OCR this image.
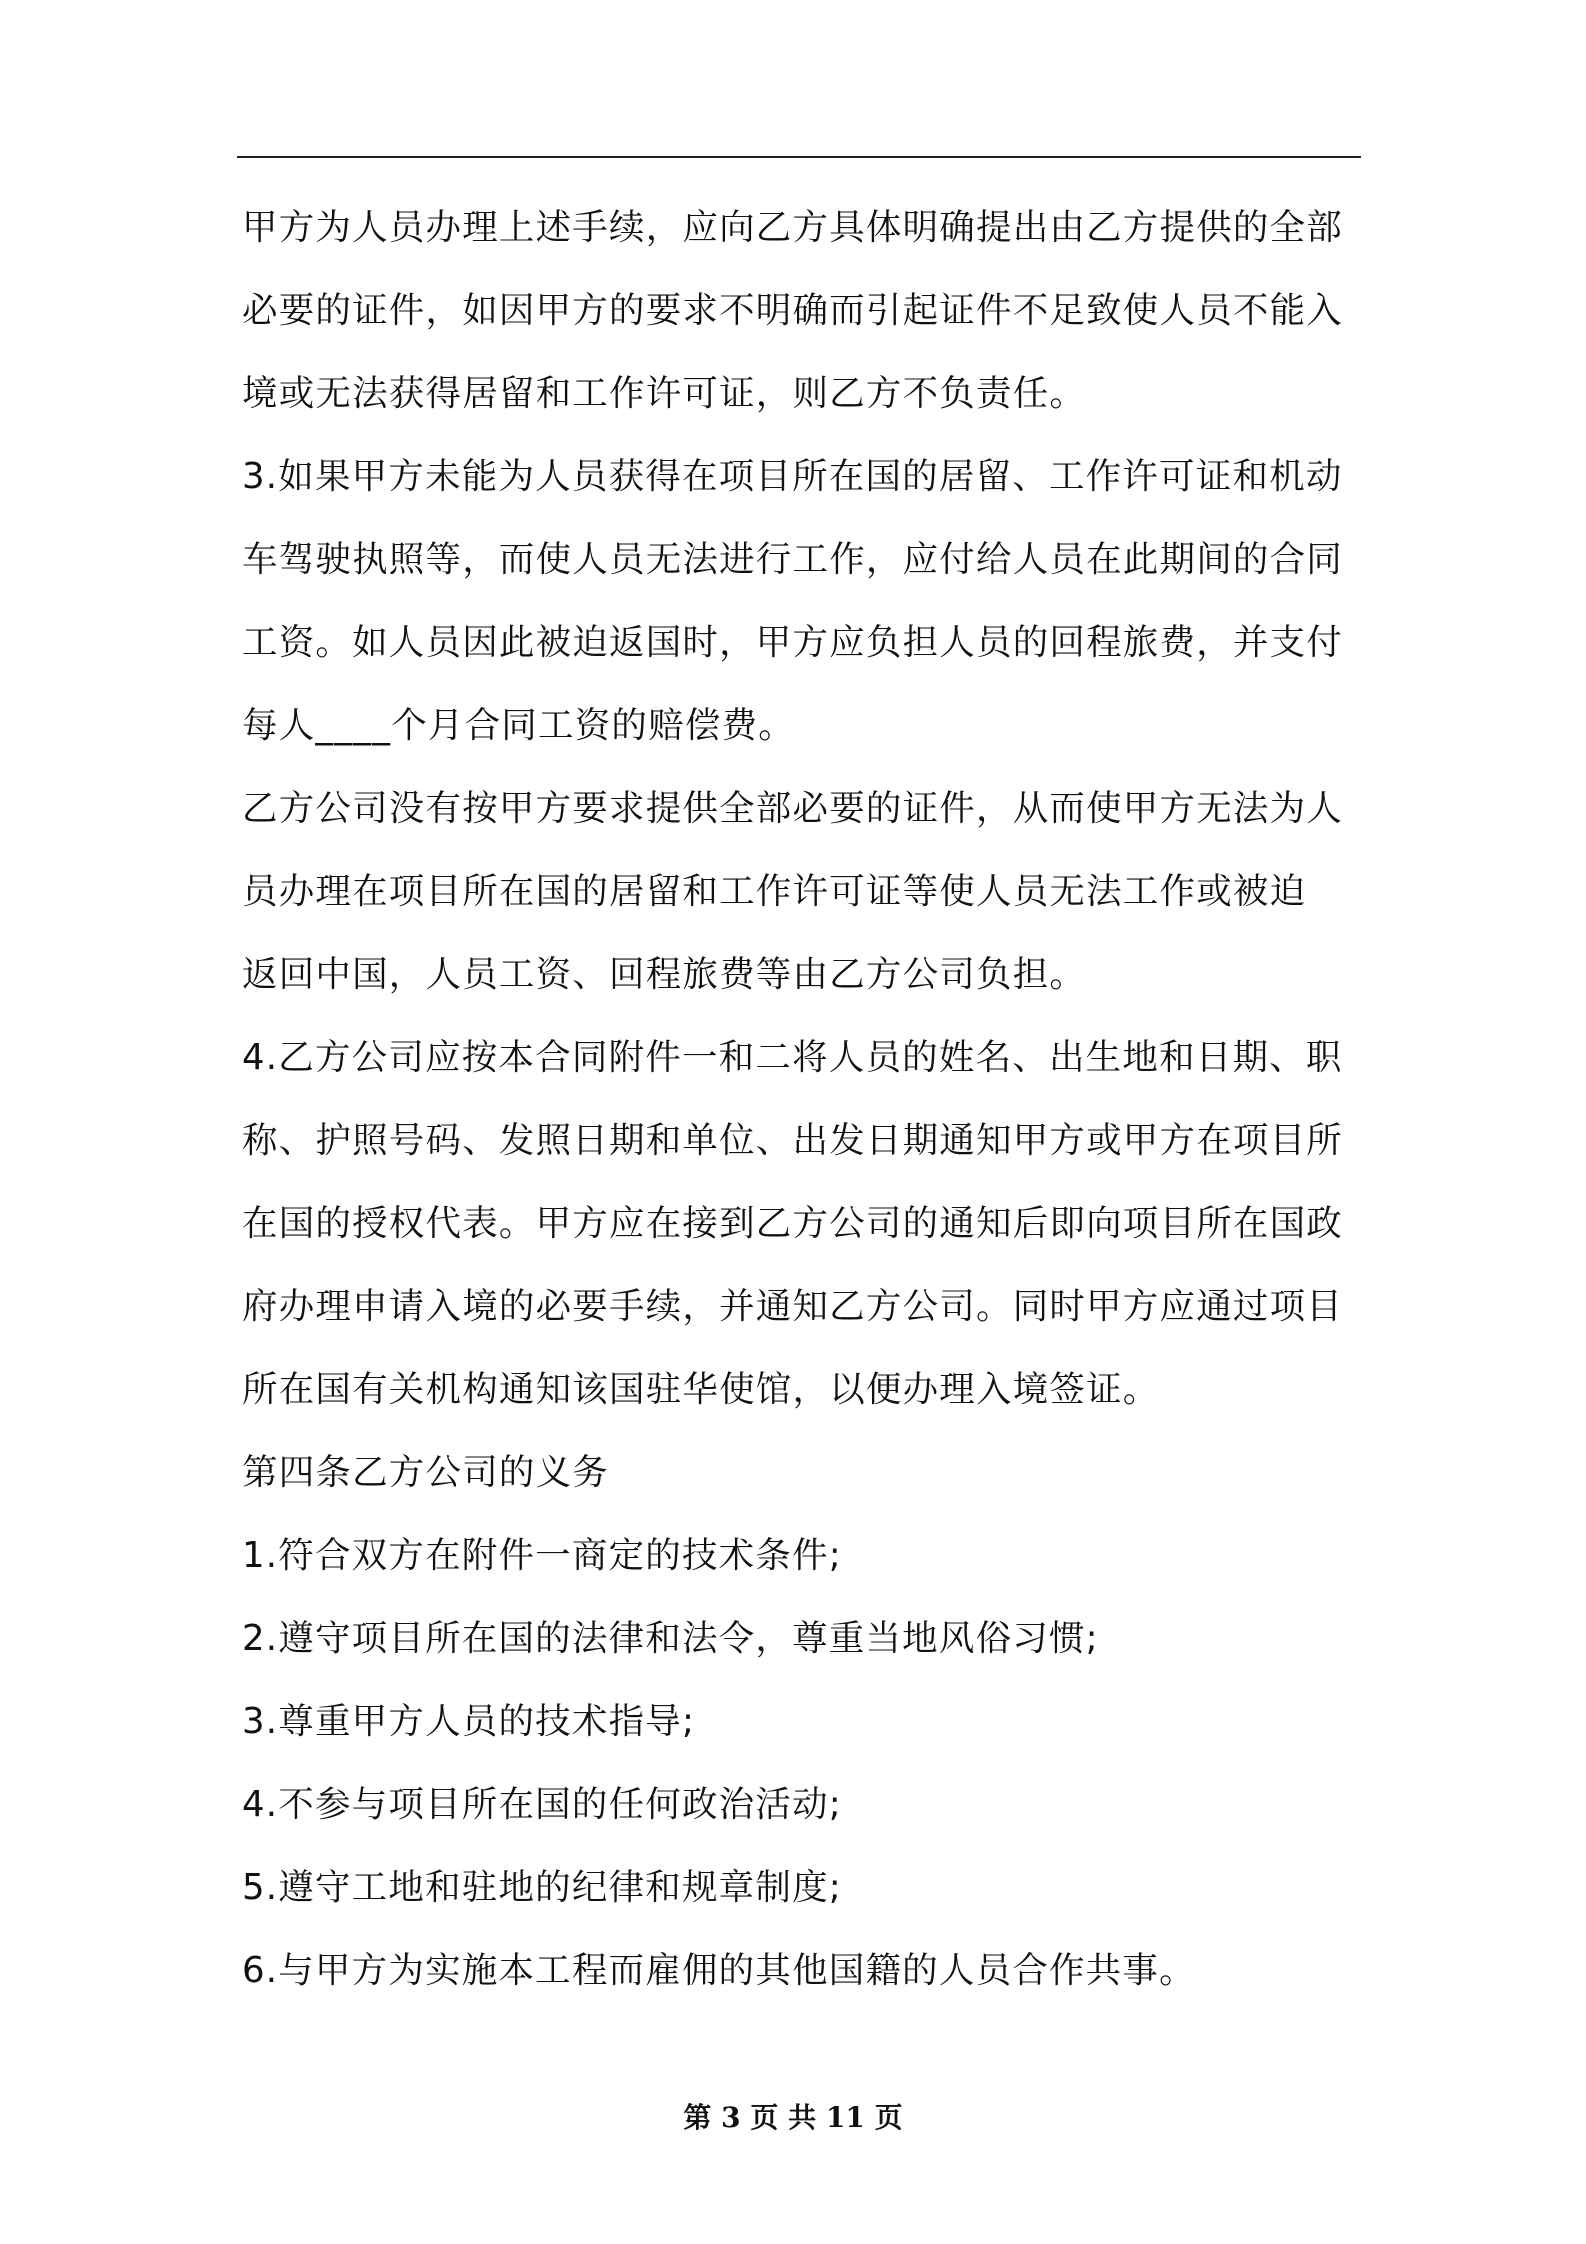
甲方为人员办理上述手续，应向乙方具体明确提出由乙方提供的全部
必要的证件，如因甲方的要求不明确而引起证件不足致使人员不能入
境或无法获得居留和工作许可证，则乙方不负责任。
3.如果甲方未能为人员获得在项目所在国的居留、工作许可证和机动
车驾驶执照等，而使人员无法进行工作，应付给人员在此期间的合同
工资。如人员因此被迫返国时，甲方应负担人员的回程旅费，并支付
每人____个月合同工资的赔偿费。
乙方公司没有按甲方要求提供全部必要的证件，从而使甲方无法为人
员办理在项目所在国的居留和工作许可证等使人员无法工作或被迫
返回中国，人员工资、回程旅费等由乙方公司负担。
4.乙方公司应按本合同附件一和二将人员的姓名、出生地和日期、职
称、护照号码、发照日期和单位、出发日期通知甲方或甲方在项目所
在国的授权代表。甲方应在接到乙方公司的通知后即向项目所在国政
府办理申请入境的必要手续，并通知乙方公司。同时甲方应通过项目
所在国有关机构通知该国驻华使馆，以便办理入境签证。
第四条乙方公司的义务
1.符合双方在附件一商定的技术条件;
2.遵守项目所在国的法律和法令，尊重当地风俗习惯;
3.尊重甲方人员的技术指导;
4.不参与项目所在国的任何政治活动;
5.遵守工地和驻地的纪律和规章制度;
6.与甲方为实施本工程而雇佣的其他国籍的人员合作共事。
第 3 页 共 11 页
